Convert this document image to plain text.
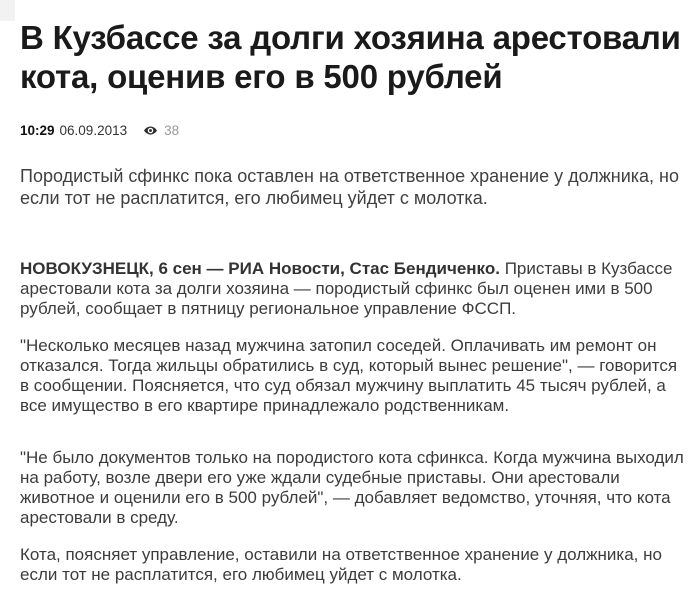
В Кузбассе за долги хозяина арестовали кота, оценив его в 500 рублей
10:29 06.09.2013	38

Породистый сфинкс пока оставлен на ответственное хранение у должника, но если тот не расплатится, его любимец уйдет с молотка.

НОВОКУЗНЕЦК, 6 сен — РИА Новости, Стас Бендиченко. Приставы в Кузбассе арестовали кота за долги хозяина — породистый сфинкс был оценен ими в 500 рублей, сообщает в пятницу региональное управление ФССП.

"Несколько месяцев назад мужчина затопил соседей. Оплачивать им ремонт он отказался. Тогда жильцы обратились в суд, который вынес решение", — говорится в сообщении. Поясняется, что суд обязал мужчину выплатить 45 тысяч рублей, а все имущество в его квартире принадлежало родственникам.

"Не было документов только на породистого кота сфинкса. Когда мужчина выходил на работу, возле двери его уже ждали судебные приставы. Они арестовали животное и оценили его в 500 рублей", — добавляет ведомство, уточняя, что кота арестовали в среду.

Кота, поясняет управление, оставили на ответственное хранение у должника, но если тот не расплатится, его любимец уйдет с молотка.
